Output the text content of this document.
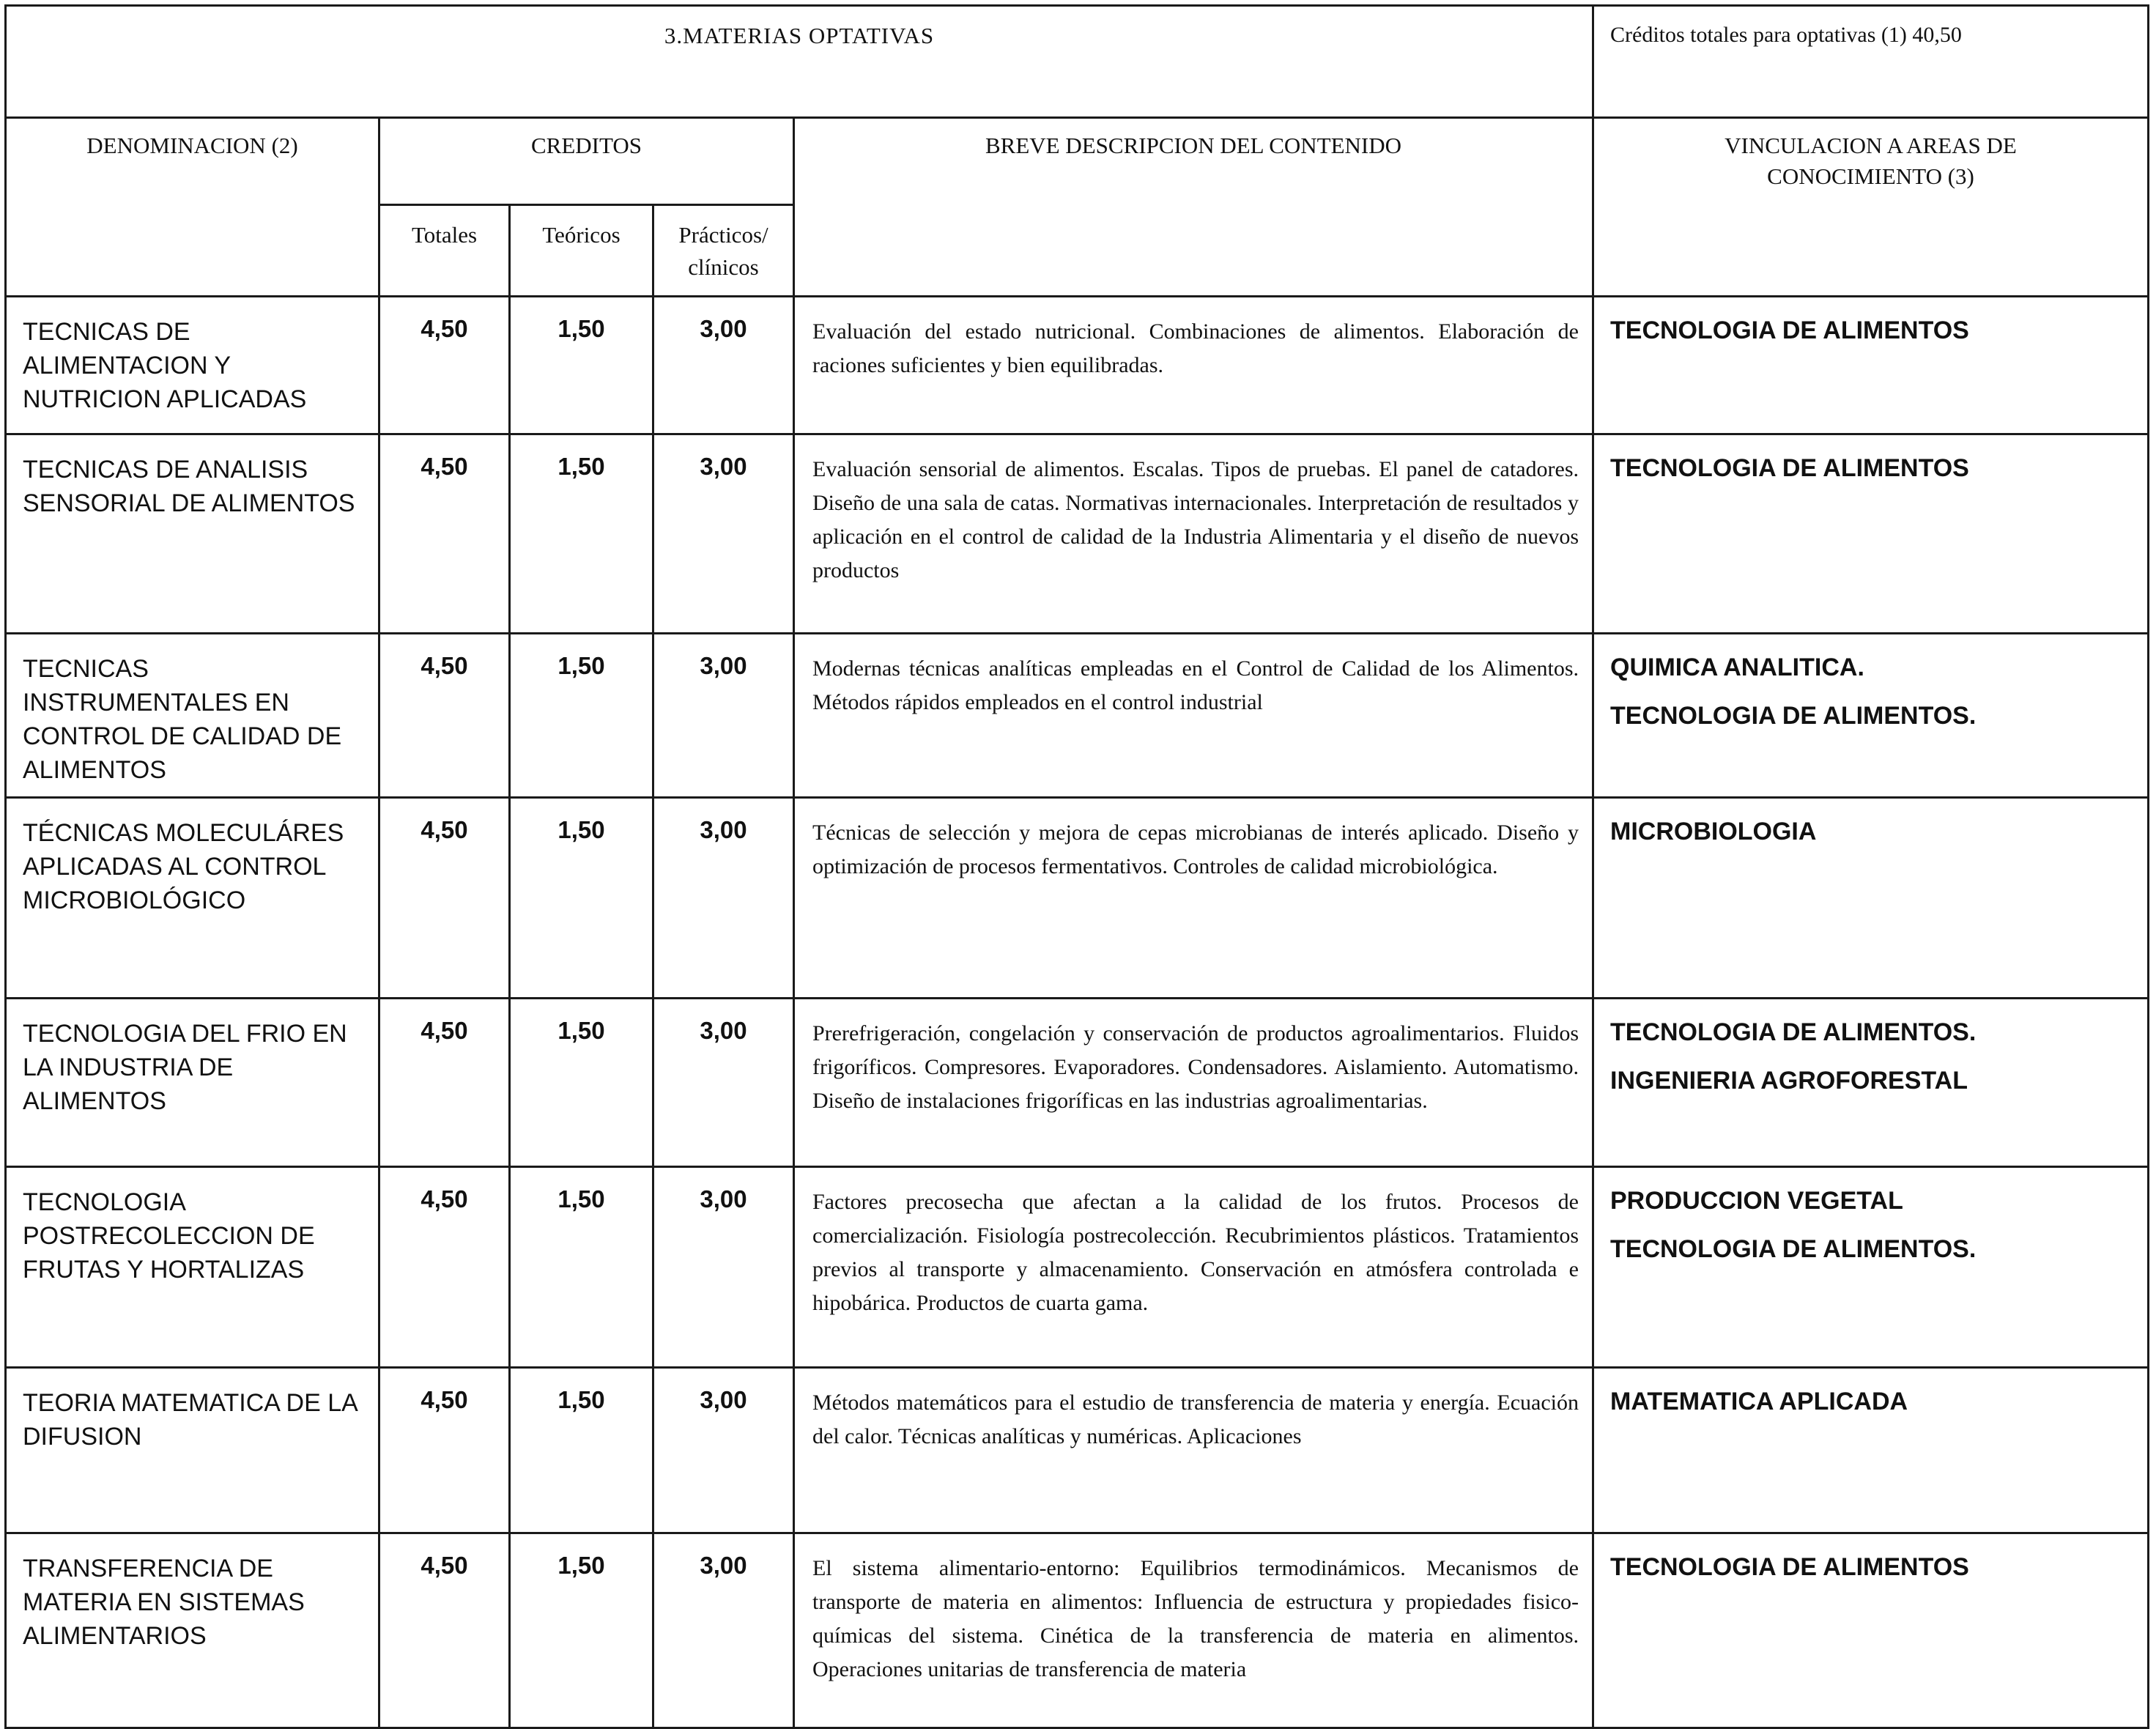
3.MATERIAS OPTATIVAS					Créditos totales para optativas (1) 40,50

DENOMINACION (2)	CREDITOS			BREVE DESCRIPCION DEL CONTENIDO	VINCULACION A AREAS DE CONOCIMIENTO (3)

	Totales	Teóricos	Prácticos/ clínicos		

TECNICAS DE ALIMENTACION Y NUTRICION APLICADAS	4,50	1,50	3,00	Evaluación del estado nutricional. Combinaciones de alimentos. Elaboración de raciones suficientes y bien equilibradas.	TECNOLOGIA DE ALIMENTOS

TECNICAS DE ANALISIS SENSORIAL DE ALIMENTOS	4,50	1,50	3,00	Evaluación sensorial de alimentos. Escalas. Tipos de pruebas. El panel de catadores. Diseño de una sala de catas. Normativas internacionales. Interpretación de resultados y aplicación en el control de calidad de la Industria Alimentaria y el diseño de nuevos productos	TECNOLOGIA DE ALIMENTOS

TECNICAS INSTRUMENTALES EN CONTROL DE CALIDAD DE ALIMENTOS	4,50	1,50	3,00	Modernas técnicas analíticas empleadas en el Control de Calidad de los Alimentos. Métodos rápidos empleados en el control industrial	QUIMICA ANALITICA.
TECNOLOGIA DE ALIMENTOS.

TÉCNICAS MOLECULÁRES APLICADAS AL CONTROL MICROBIOLÓGICO	4,50	1,50	3,00	Técnicas de selección y mejora de cepas microbianas de interés aplicado. Diseño y optimización de procesos fermentativos. Controles de calidad microbiológica.	MICROBIOLOGIA

TECNOLOGIA DEL FRIO EN LA INDUSTRIA DE ALIMENTOS	4,50	1,50	3,00	Prerefrigeración, congelación y conservación de productos agroalimentarios. Fluidos frigoríficos. Compresores. Evaporadores. Condensadores. Aislamiento. Automatismo. Diseño de instalaciones frigoríficas en las industrias agroalimentarias.	TECNOLOGIA DE ALIMENTOS.
INGENIERIA AGROFORESTAL

TECNOLOGIA POSTRECOLECCION DE FRUTAS Y HORTALIZAS	4,50	1,50	3,00	Factores precosecha que afectan a la calidad de los frutos. Procesos de comercialización. Fisiología postrecolección. Recubrimientos plásticos. Tratamientos previos al transporte y almacenamiento. Conservación en atmósfera controlada e hipobárica. Productos de cuarta gama.	PRODUCCION VEGETAL
TECNOLOGIA DE ALIMENTOS.

TEORIA MATEMATICA DE LA DIFUSION	4,50	1,50	3,00	Métodos matemáticos para el estudio de transferencia de materia y energía. Ecuación del calor. Técnicas analíticas y numéricas. Aplicaciones	MATEMATICA APLICADA

TRANSFERENCIA DE MATERIA EN SISTEMAS ALIMENTARIOS	4,50	1,50	3,00	El sistema alimentario-entorno: Equilibrios termodinámicos. Mecanismos de transporte de materia en alimentos: Influencia de estructura y propiedades fisico-químicas del sistema. Cinética de la transferencia de materia en alimentos. Operaciones unitarias de transferencia de materia	TECNOLOGIA DE ALIMENTOS
